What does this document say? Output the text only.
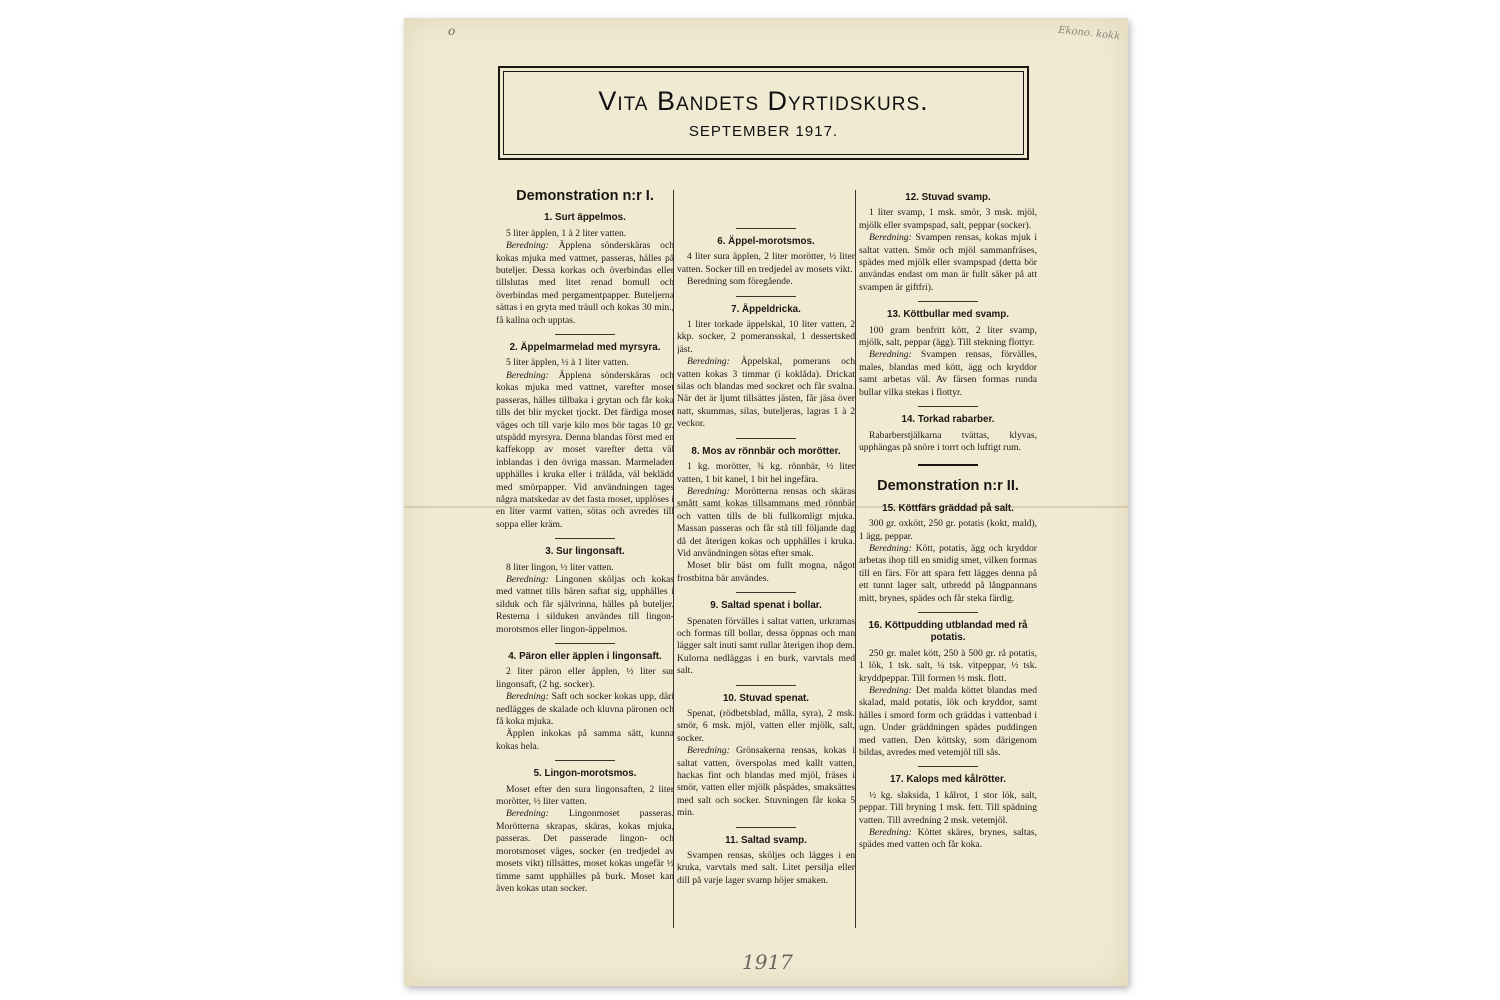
o	Ekono. kokk
1917
Vita Bandets Dyrtidskurs.
SEPTEMBER 1917.
Demonstration n:r I.
1. Surt äppelmos.

5 liter äpplen, 1 à 2 liter vatten.

Beredning: Äpplena sönderskäras och kokas mjuka med vattnet, passeras, hälles på buteljer. Dessa korkas och överbindas eller tillslutas med litet renad bomull och överbindas med pergamentpapper. Buteljerna sättas i en gryta med träull och kokas 30 min., få kallna och upptas.

2. Äppelmarmelad med myrsyra.

5 liter äpplen, ½ à 1 liter vatten.

Beredning: Äpplena sönderskäras och kokas mjuka med vattnet, varefter moset passeras, hälles tillbaka i grytan och får koka tills det blir mycket tjockt. Det färdiga moset väges och till varje kilo mos bör tagas 10 gr. utspädd myrsyra. Denna blandas först med en kaffekopp av moset varefter detta väl inblandas i den övriga massan. Marmeladen upphälles i kruka eller i trälåda, väl beklädd med smörpapper. Vid användningen tages några matskedar av det fasta moset, upplöses i en liter varmt vatten, sötas och avredes till soppa eller kräm.

3. Sur lingonsaft.

8 liter lingon, ½ liter vatten.

Beredning: Lingonen sköljas och kokas med vattnet tills bären saftat sig, upphälles i silduk och får självrinna, hälles på buteljer. Resterna i silduken användes till lingon-morotsmos eller lingon-äppelmos.

4. Päron eller äpplen i lingonsaft.

2 liter päron eller äpplen, ½ liter sur lingonsaft, (2 hg. socker).

Beredning: Saft och socker kokas upp, däri nedlägges de skalade och kluvna päronen och få koka mjuka.

Äpplen inkokas på samma sätt, kunna kokas hela.

5. Lingon-morotsmos.

Moset efter den sura lingonsaften, 2 liter morötter, ½ liter vatten.

Beredning: Lingonmoset passeras. Morötterna skrapas, skäras, kokas mjuka, passeras. Det passerade lingon- och morotsmoset väges, socker (en tredjedel av mosets vikt) tillsättes, moset kokas ungefär ½ timme samt upphälles på burk. Moset kan även kokas utan socker.

6. Äppel-morotsmos.

4 liter sura äpplen, 2 liter morötter, ½ liter vatten. Socker till en tredjedel av mosets vikt.

Beredning som föregående.

7. Äppeldricka.

1 liter torkade äppelskal, 10 liter vatten, 2 kkp. socker, 2 pomeransskal, 1 dessertsked jäst.

Beredning: Äppelskal, pomerans och vatten kokas 3 timmar (i koklåda). Drickat silas och blandas med sockret och får svalna. När det är ljumt tillsättes jästen, får jäsa över natt, skummas, silas, buteljeras, lagras 1 à 2 veckor.

8. Mos av rönnbär och morötter.

1 kg. morötter, ¾ kg. rönnbär, ½ liter vatten, 1 bit kanel, 1 bit hel ingefära.

Beredning: Morötterna rensas och skäras smått samt kokas tillsammans med rönnbär och vatten tills de bli fullkomligt mjuka. Massan passeras och får stå till följande dag då det återigen kokas och upphälles i kruka. Vid användningen sötas efter smak.

Moset blir bäst om fullt mogna, något frostbitna bär användes.

9. Saltad spenat i bollar.

Spenaten förvälles i saltat vatten, urkramas och formas till bollar, dessa öppnas och man lägger salt inuti samt rullar återigen ihop dem. Kulorna nedläggas i en burk, varvtals med salt.

10. Stuvad spenat.

Spenat, (rödbetsblad, målla, syra), 2 msk. smör, 6 msk. mjöl, vatten eller mjölk, salt, socker.

Beredning: Grönsakerna rensas, kokas i saltat vatten, överspolas med kallt vatten, hackas fint och blandas med mjöl, fräses i smör, vatten eller mjölk påspädes, smaksättes med salt och socker. Stuvningen får koka 5 min.

11. Saltad svamp.

Svampen rensas, sköljes och lägges i en kruka, varvtals med salt. Litet persilja eller dill på varje lager svamp höjer smaken.

12. Stuvad svamp.

1 liter svamp, 1 msk. smör, 3 msk. mjöl, mjölk eller svampspad, salt, peppar (socker).

Beredning: Svampen rensas, kokas mjuk i saltat vatten. Smör och mjöl sammanfräses, spädes med mjölk eller svampspad (detta bör användas endast om man är fullt säker på att svampen är giftfri).

13. Köttbullar med svamp.

100 gram benfritt kött, 2 liter svamp, mjölk, salt, peppar (ägg). Till stekning flottyr.

Beredning: Svampen rensas, förvälles, males, blandas med kött, ägg och kryddor samt arbetas väl. Av färsen formas runda bullar vilka stekas i flottyr.

14. Torkad rabarber.

Rabarberstjälkarna tvättas, klyvas, upphängas på snöre i torrt och luftigt rum.

Demonstration n:r II.
15. Köttfärs gräddad på salt.

300 gr. oxkött, 250 gr. potatis (kokt, mald), 1 ägg, peppar.

Beredning: Kött, potatis, ägg och kryddor arbetas ihop till en smidig smet, vilken formas till en färs. För att spara fett lägges denna på ett tunnt lager salt, utbredd på långpannans mitt, brynes, spädes och får steka färdig.

16. Köttpudding utblandad med rå potatis.

250 gr. malet kött, 250 à 500 gr. rå potatis, 1 lök, 1 tsk. salt, ¼ tsk. vitpeppar, ½ tsk. kryddpeppar. Till formen ½ msk. flott.

Beredning: Det malda köttet blandas med skalad, mald potatis, lök och kryddor, samt hälles i smord form och gräddas i vattenbad i ugn. Under gräddningen spädes puddingen med vatten. Den köttsky, som därigenom bildas, avredes med vetemjöl till sås.

17. Kalops med kålrötter.

½ kg. slaksida, 1 kålrot, 1 stor lök, salt, peppar. Till bryning 1 msk. fett. Till spädning vatten. Till avredning 2 msk. vetemjöl.

Beredning: Köttet skäres, brynes, saltas, spädes med vatten och får koka.
